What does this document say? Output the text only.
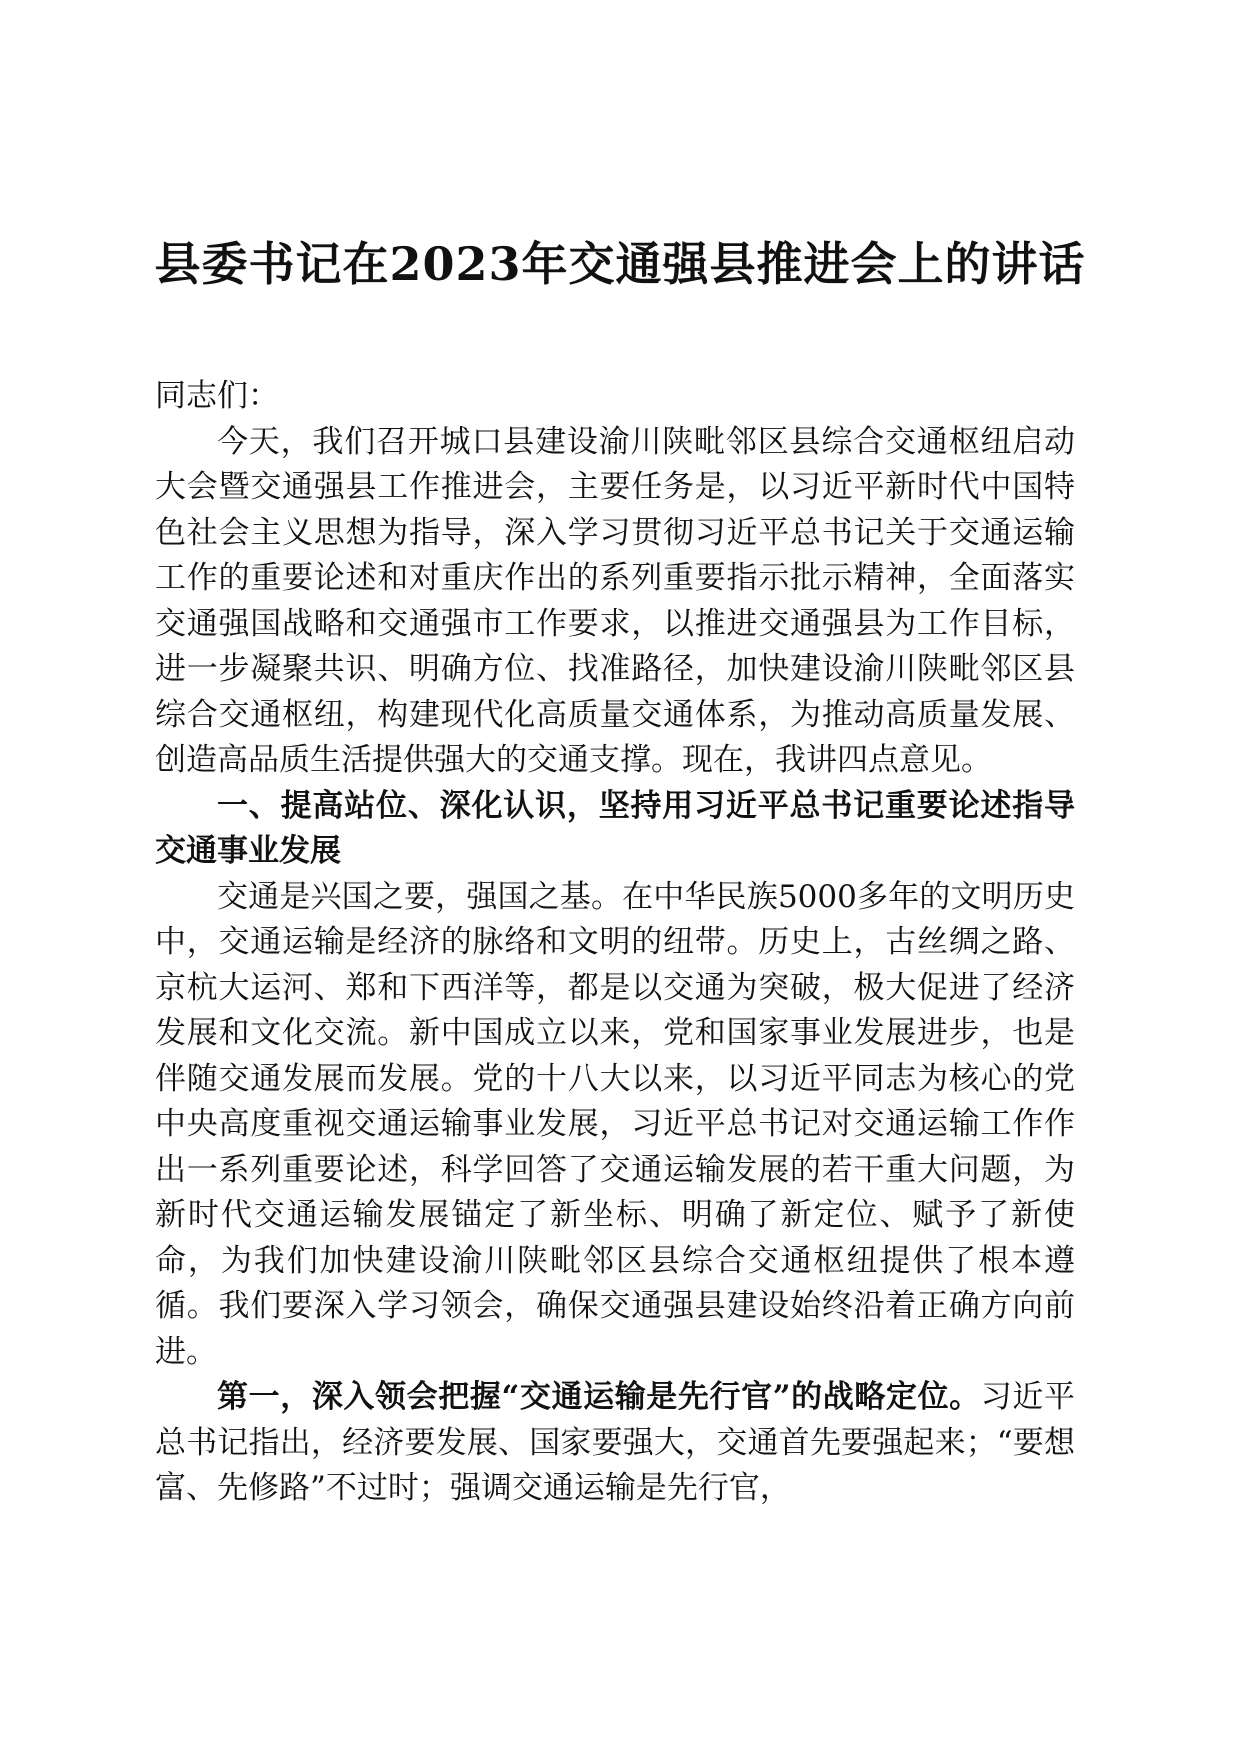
县委书记在2023年交通强县推进会上的讲话

同志们：

今天，我们召开城口县建设渝川陕毗邻区县综合交通枢纽启动大会暨交通强县工作推进会，主要任务是，以习近平新时代中国特色社会主义思想为指导，深入学习贯彻习近平总书记关于交通运输工作的重要论述和对重庆作出的系列重要指示批示精神，全面落实交通强国战略和交通强市工作要求，以推进交通强县为工作目标，进一步凝聚共识、明确方位、找准路径，加快建设渝川陕毗邻区县综合交通枢纽，构建现代化高质量交通体系，为推动高质量发展、创造高品质生活提供强大的交通支撑。现在，我讲四点意见。

一、提高站位、深化认识，坚持用习近平总书记重要论述指导交通事业发展

交通是兴国之要，强国之基。在中华民族5000多年的文明历史中，交通运输是经济的脉络和文明的纽带。历史上，古丝绸之路、京杭大运河、郑和下西洋等，都是以交通为突破，极大促进了经济发展和文化交流。新中国成立以来，党和国家事业发展进步，也是伴随交通发展而发展。党的十八大以来，以习近平同志为核心的党中央高度重视交通运输事业发展，习近平总书记对交通运输工作作出一系列重要论述，科学回答了交通运输发展的若干重大问题，为新时代交通运输发展锚定了新坐标、明确了新定位、赋予了新使命，为我们加快建设渝川陕毗邻区县综合交通枢纽提供了根本遵循。我们要深入学习领会，确保交通强县建设始终沿着正确方向前进。

第一，深入领会把握“交通运输是先行官”的战略定位。习近平总书记指出，经济要发展、国家要强大，交通首先要强起来；“要想富、先修路”不过时；强调交通运输是先行官，
